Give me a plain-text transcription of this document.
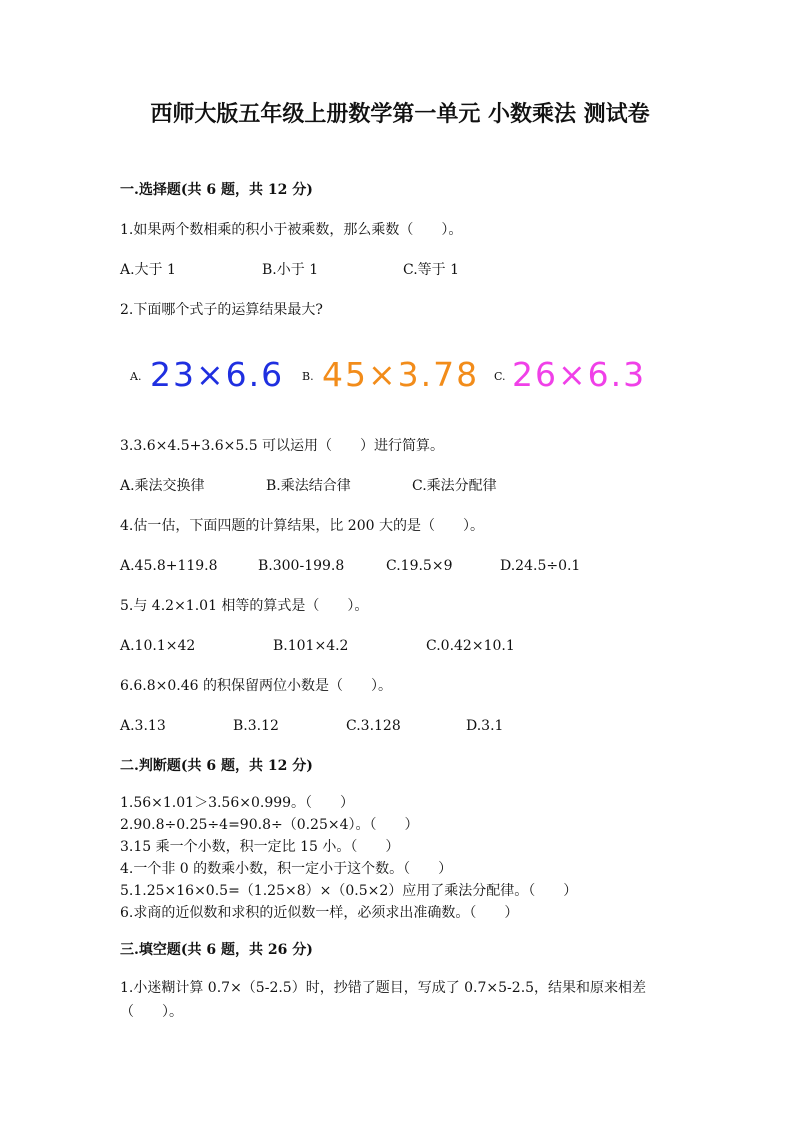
西师大版五年级上册数学第一单元 小数乘法 测试卷
一.选择题(共 6 题，共 12 分)
1.如果两个数相乘的积小于被乘数，那么乘数（　　）。
A.大于 1	B.小于 1	C.等于 1
2.下面哪个式子的运算结果最大?
A. 23×6.6 B. 45×3.78 C. 26×6.3
3.3.6×4.5+3.6×5.5 可以运用（　　）进行简算。
A.乘法交换律	B.乘法结合律	C.乘法分配律
4.估一估，下面四题的计算结果，比 200 大的是（　　）。
A.45.8+119.8	B.300-199.8	C.19.5×9	D.24.5÷0.1
5.与 4.2×1.01 相等的算式是（　　）。
A.10.1×42	B.101×4.2	C.0.42×10.1
6.6.8×0.46 的积保留两位小数是（　　）。
A.3.13	B.3.12	C.3.128	D.3.1
二.判断题(共 6 题，共 12 分)
1.56×1.01＞3.56×0.999。（　　）
2.90.8÷0.25÷4=90.8÷（0.25×4）。（　　）
3.15 乘一个小数，积一定比 15 小。（　　）
4.一个非 0 的数乘小数，积一定小于这个数。（　　）
5.1.25×16×0.5=（1.25×8）×（0.5×2）应用了乘法分配律。（　　）
6.求商的近似数和求积的近似数一样，必须求出准确数。（　　）
三.填空题(共 6 题，共 26 分)
1.小迷糊计算 0.7×（5-2.5）时，抄错了题目，写成了 0.7×5-2.5，结果和原来相差（　　）。
